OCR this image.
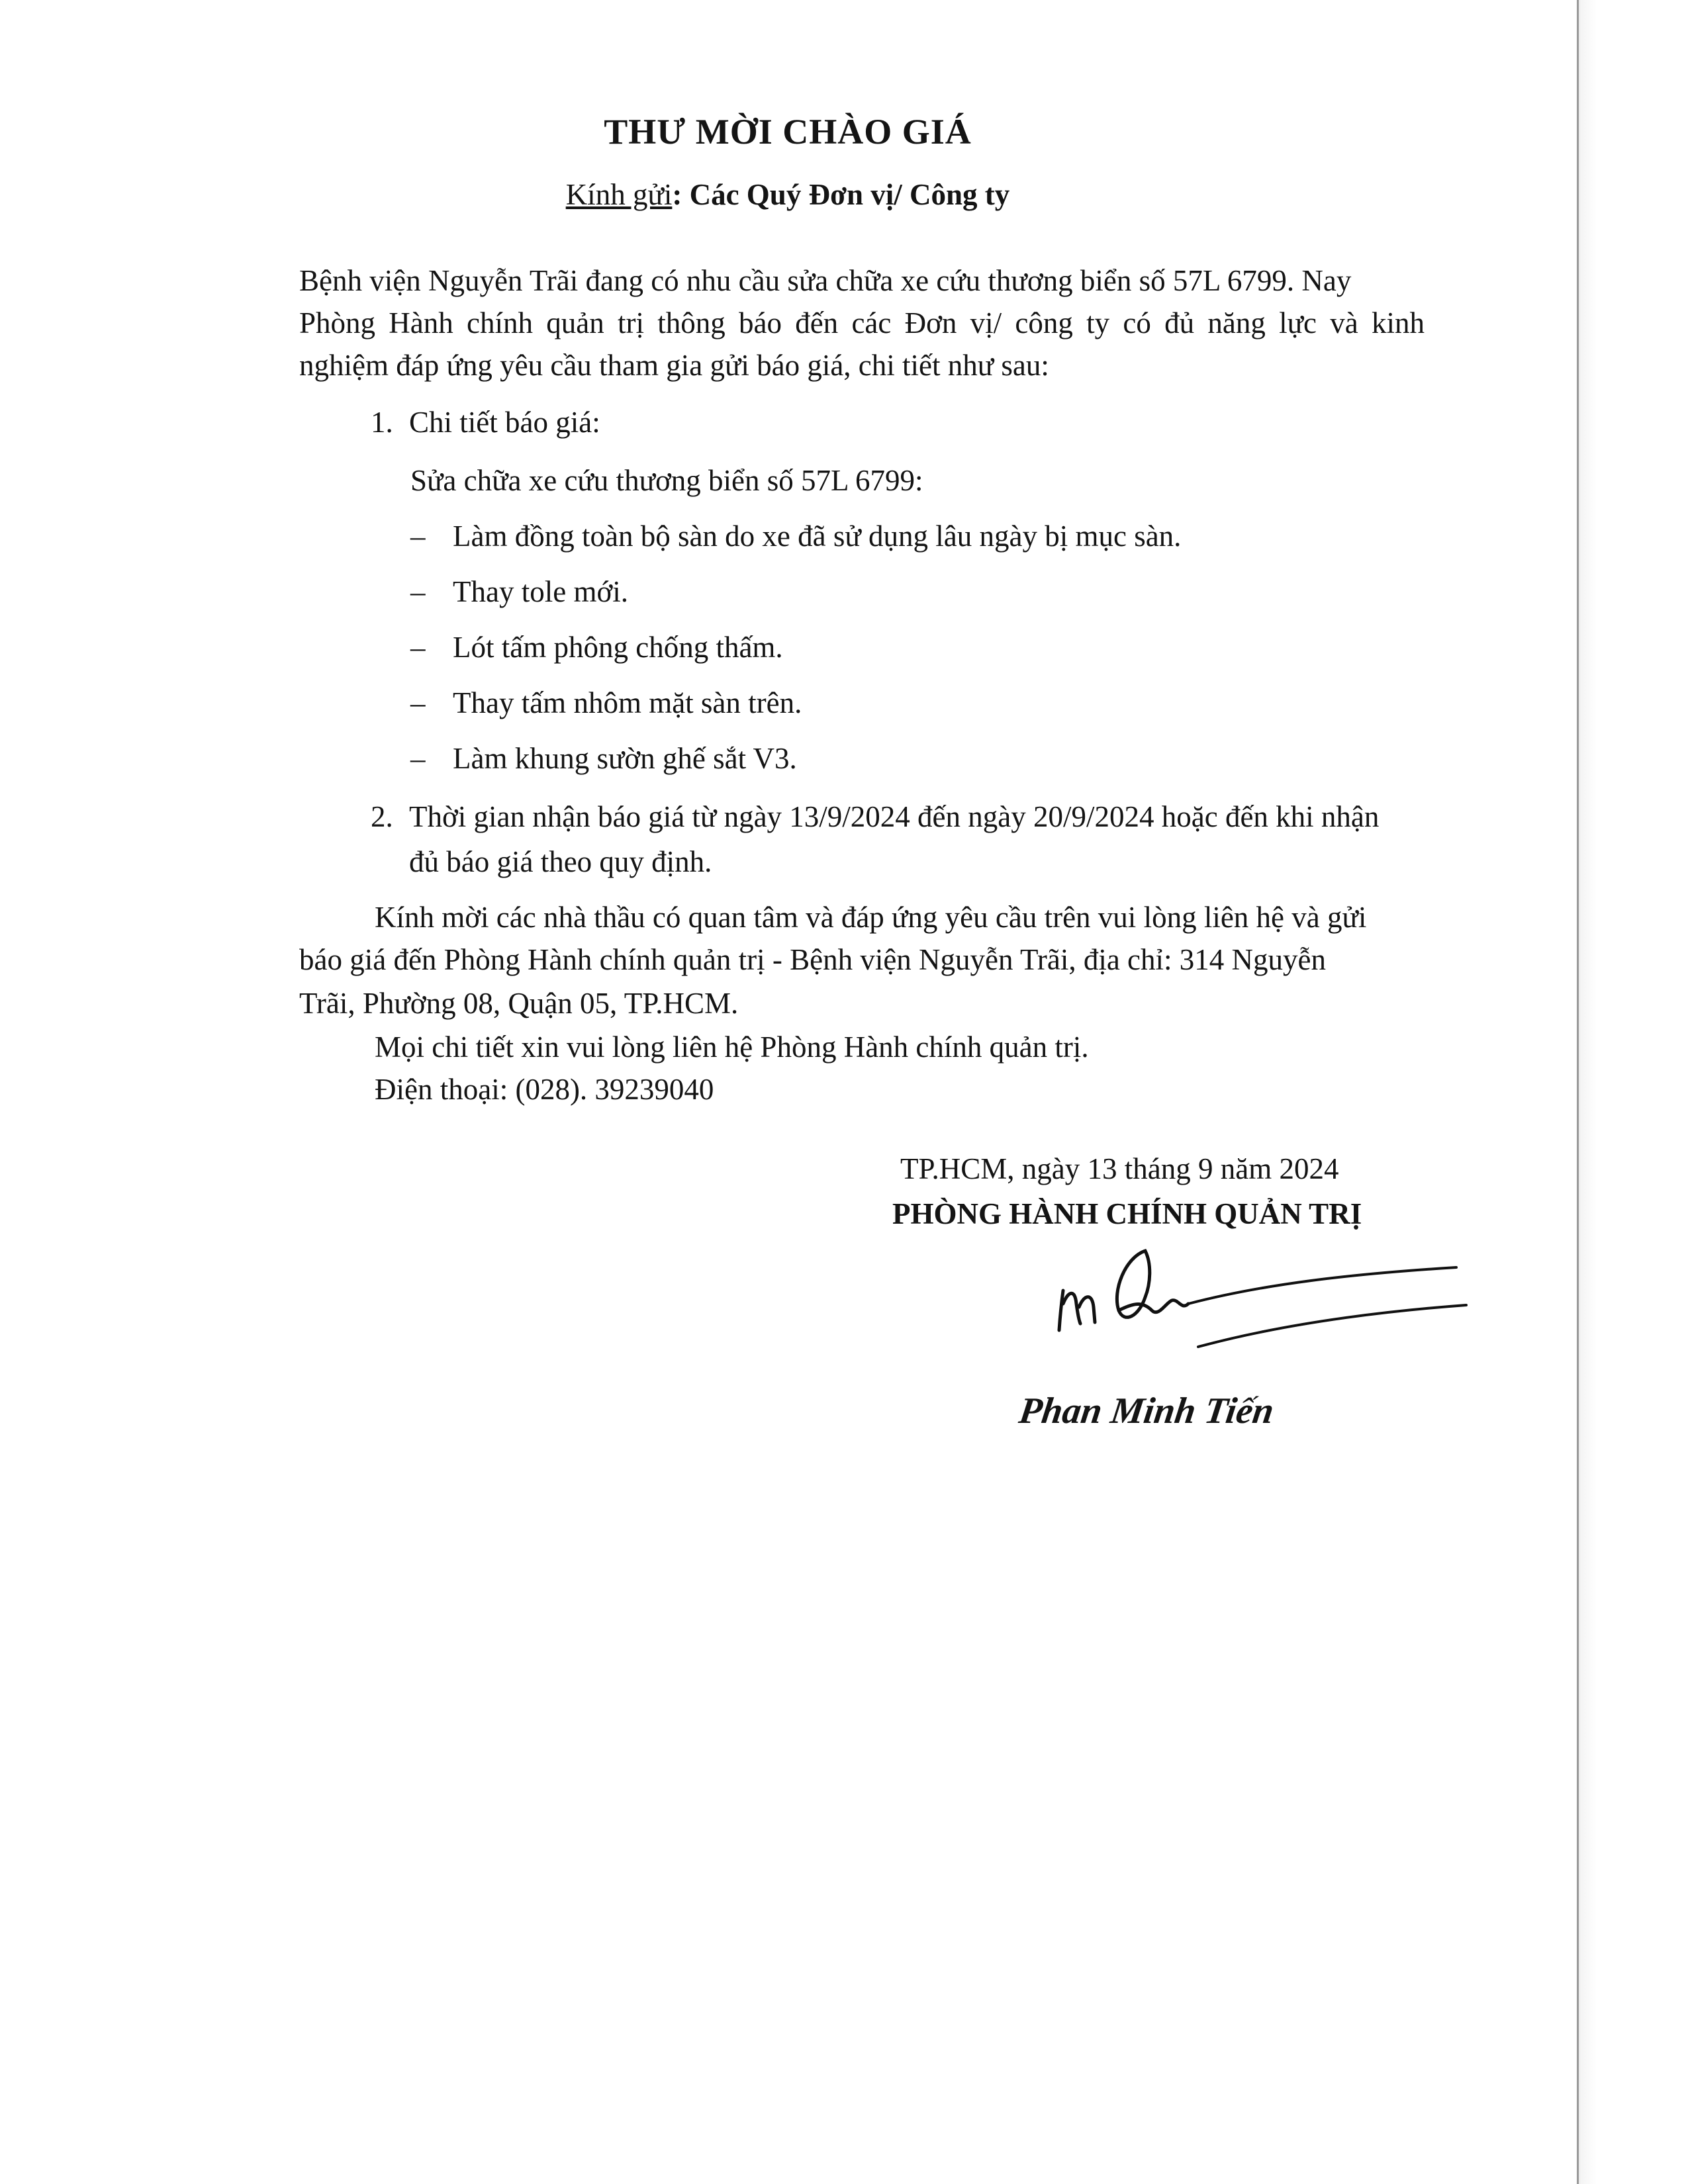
THƯ MỜI CHÀO GIÁ
Kính gửi: Các Quý Đơn vị/ Công ty
Bệnh viện Nguyễn Trãi đang có nhu cầu sửa chữa xe cứu thương biển số 57L 6799. Nay
Phòng Hành chính quản trị thông báo đến các Đơn vị/ công ty có đủ năng lực và kinh
nghiệm đáp ứng yêu cầu tham gia gửi báo giá, chi tiết như sau:
1. Chi tiết báo giá:
Sửa chữa xe cứu thương biển số 57L 6799:
– Làm đồng toàn bộ sàn do xe đã sử dụng lâu ngày bị mục sàn.
– Thay tole mới.
– Lót tấm phông chống thấm.
– Thay tấm nhôm mặt sàn trên.
– Làm khung sườn ghế sắt V3.
2. Thời gian nhận báo giá từ ngày 13/9/2024 đến ngày 20/9/2024 hoặc đến khi nhận
đủ báo giá theo quy định.
Kính mời các nhà thầu có quan tâm và đáp ứng yêu cầu trên vui lòng liên hệ và gửi
báo giá đến Phòng Hành chính quản trị - Bệnh viện Nguyễn Trãi, địa chỉ: 314 Nguyễn
Trãi, Phường 08, Quận 05, TP.HCM.
Mọi chi tiết xin vui lòng liên hệ Phòng Hành chính quản trị.
Điện thoại: (028). 39239040
TP.HCM, ngày 13 tháng 9 năm 2024
PHÒNG HÀNH CHÍNH QUẢN TRỊ
Phan Minh Tiến
